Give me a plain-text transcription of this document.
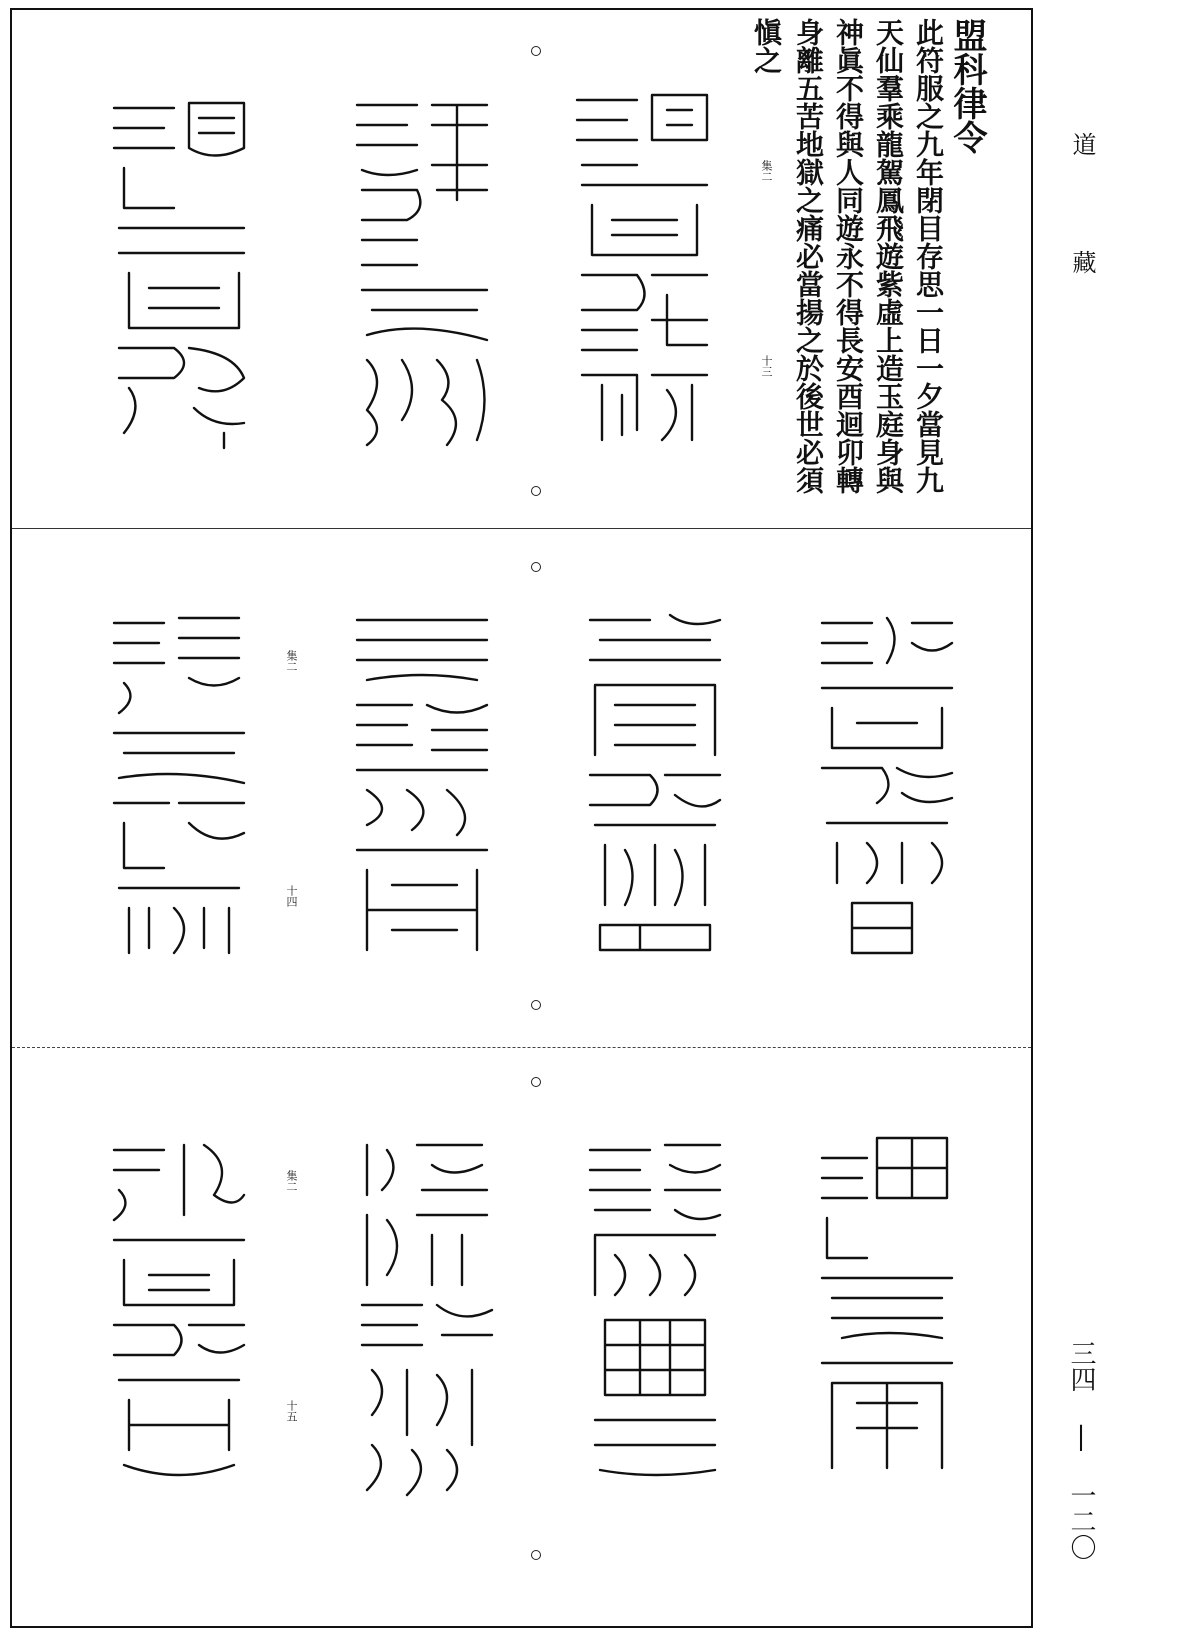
盟科律令
此符服之九年閉目存思一日一夕當見九
天仙羣乘龍駕鳳飛遊紫虛上造玉庭身與
神眞不得與人同遊永不得長安酉迴卯轉
身離五苦地獄之痛必當揚之於後世必須
愼之
集二
十三
集二
十四
集二
十五
道
藏
三四 | 一二〇
